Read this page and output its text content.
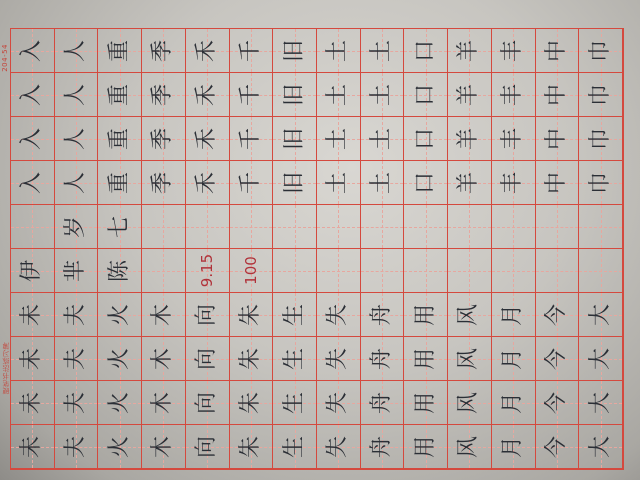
204-54
硬笔书法练习簿
入 人 重 季 禾 千 旧 土 土 口 羊 丰 中 巾
入 人 重 季 禾 千 旧 土 土 口 羊 丰 中 巾
入 人 重 季 禾 千 旧 土 土 口 羊 丰 中 巾
入 人 重 季 禾 千 旧 土 土 口 羊 丰 中 巾
岁 七
伊 芈 陈	9.15 100
未 夫 火 木 向 朱 生 失 舟 用 风 月 今 大
未 夫 火 木 向 朱 生 失 舟 用 风 月 今 大
未 夫 火 木 向 朱 生 失 舟 用 风 月 今 大
未 夫 火 木 向 朱 生 失 舟 用 风 月 今 大
